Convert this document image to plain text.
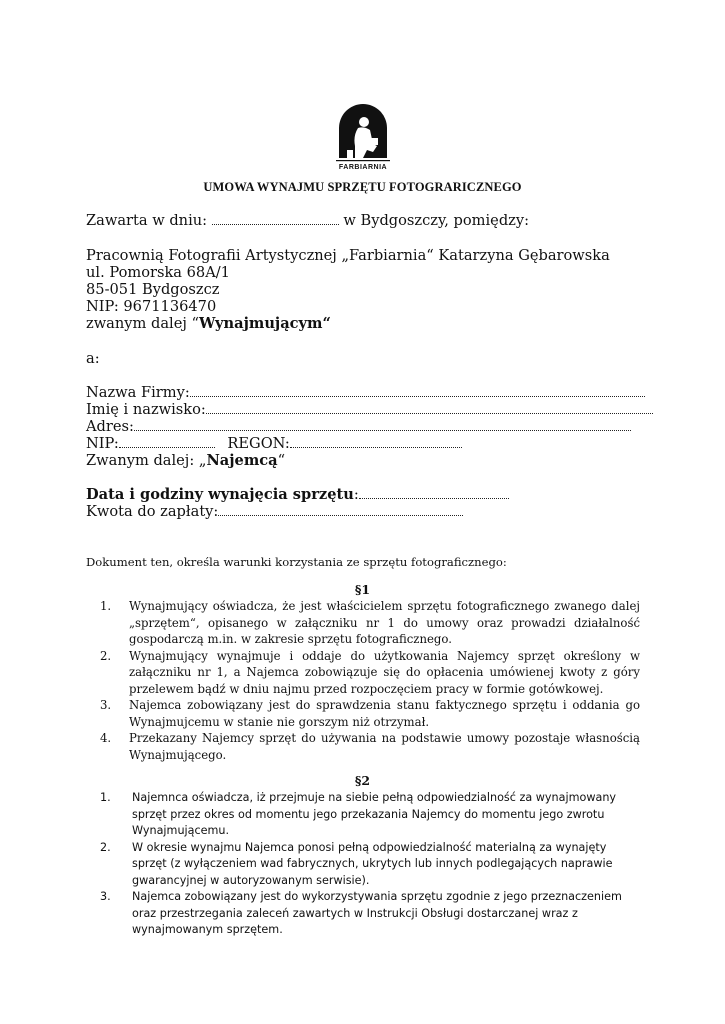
FARBIARNIA
UMOWA WYNAJMU SPRZĘTU FOTOGRARICZNEGO
Zawarta w dniu:	w Bydgoszczy, pomiędzy:
Pracownią Fotografii Artystycznej „Farbiarnia“ Katarzyna Gębarowska
ul. Pomorska 68A/1
85-051 Bydgoszcz
NIP: 9671136470
zwanym dalej “Wynajmującym“
a:
Nazwa Firmy:
Imię i nazwisko:
Adres:
NIP:	REGON:
Zwanym dalej: „Najemcą“
Data i godziny wynajęcia sprzętu:
Kwota do zapłaty:
Dokument ten, określa warunki korzystania ze sprzętu fotograficznego:
§1
1. Wynajmujący oświadcza, że jest właścicielem sprzętu fotograficznego zwanego dalej „sprzętem“, opisanego w załączniku nr 1 do umowy oraz prowadzi działalność gospodarczą m.in. w zakresie sprzętu fotograficznego.
2. Wynajmujący wynajmuje i oddaje do użytkowania Najemcy sprzęt określony w załączniku nr 1, a Najemca zobowiązuje się do opłacenia umówienej kwoty z góry przelewem bądź w dniu najmu przed rozpoczęciem pracy w formie gotówkowej.
3. Najemca zobowiązany jest do sprawdzenia stanu faktycznego sprzętu i oddania go Wynajmujcemu w stanie nie gorszym niż otrzymał.
4. Przekazany Najemcy sprzęt do używania na podstawie umowy pozostaje własnością Wynajmującego.
§2
1. Najemnca oświadcza, iż przejmuje na siebie pełną odpowiedzialność za wynajmowany sprzęt przez okres od momentu jego przekazania Najemcy do momentu jego zwrotu Wynajmującemu.
2. W okresie wynajmu Najemca ponosi pełną odpowiedzialność materialną za wynajęty sprzęt (z wyłączeniem wad fabrycznych, ukrytych lub innych podlegających naprawie gwarancyjnej w autoryzowanym serwisie).
3. Najemca zobowiązany jest do wykorzystywania sprzętu zgodnie z jego przeznaczeniem oraz przestrzegania zaleceń zawartych w Instrukcji Obsługi dostarczanej wraz z wynajmowanym sprzętem.
